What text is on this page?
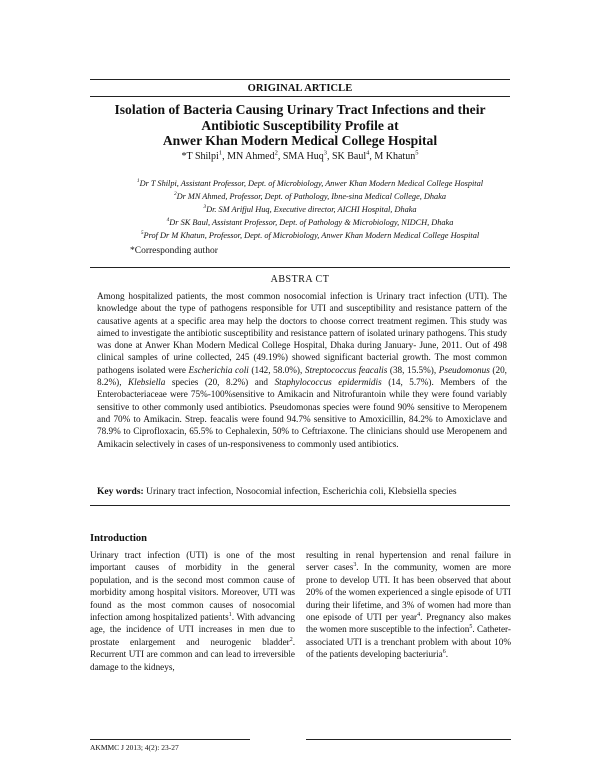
ORIGINAL ARTICLE
Isolation of Bacteria Causing Urinary Tract Infections and their
Antibiotic Susceptibility Profile at
Anwer Khan Modern Medical College Hospital
*T Shilpi$^1$, MN Ahmed$^2$, SMA Huq$^3$, SK Baul$^4$, M Khatun$^5$
$^1$Dr T Shilpi, Assistant Professor, Dept. of Microbiology, Anwer Khan Modern Medical College Hospital
$^2$Dr MN Ahmed, Professor, Dept. of Pathology, Ibne-sina Medical College, Dhaka
$^3$Dr. SM Arifjul Huq, Executive director, AICHI Hospital, Dhaka
$^4$Dr SK Baul, Assistant Professor, Dept. of Pathology & Microbiology, NIDCH, Dhaka
$^5$Prof Dr M Khatun, Professor, Dept. of Microbiology, Anwer Khan Modern Medical College Hospital
*Corresponding author
ABSTRA CT
Among hospitalized patients, the most common nosocomial infection is Urinary tract infection (UTI). The knowledge about the type of pathogens responsible for UTI and susceptibility and resistance pattern of the causative agents at a specific area may help the doctors to choose correct treatment regimen. This study was aimed to investigate the antibiotic susceptibility and resistance pattern of isolated urinary pathogens. This study was done at Anwer Khan Modern Medical College Hospital, Dhaka during January- June, 2011. Out of 498 clinical samples of urine collected, 245 (49.19%) showed significant bacterial growth. The most common pathogens isolated were Escherichia coli (142, 58.0%), Streptococcus feacalis (38, 15.5%), Pseudomonus (20, 8.2%), Klebsiella species (20, 8.2%) and Staphylococcus epidermidis (14, 5.7%). Members of the Enterobacteriaceae were 75%-100%sensitive to Amikacin and Nitrofurantoin while they were found variably sensitive to other commonly used antibiotics. Pseudomonas species were found 90% sensitive to Meropenem and 70% to Amikacin. Strep. feacalis were found 94.7% sensitive to Amoxicillin, 84.2% to Amoxiclave and 78.9% to Ciprofloxacin, 65.5% to Cephalexin, 50% to Ceftriaxone. The clinicians should use Meropenem and Amikacin selectively in cases of un-responsiveness to commonly used antibiotics.
Key words: Urinary tract infection, Nosocomial infection, Escherichia coli, Klebsiella species
Introduction
Urinary tract infection (UTI) is one of the most important causes of morbidity in the general population, and is the second most common cause of morbidity among hospital visitors. Moreover, UTI was found as the most common causes of nosocomial infection among hospitalized patients$^1$. With advancing age, the incidence of UTI increases in men due to prostate enlargement and neurogenic bladder$^2$. Recurrent UTI are common and can lead to irreversible damage to the kidneys,
resulting in renal hypertension and renal failure in server cases$^3$. In the community, women are more prone to develop UTI. It has been observed that about 20% of the women experienced a single episode of UTI during their lifetime, and 3% of women had more than one episode of UTI per year$^4$. Pregnancy also makes the women more susceptible to the infection$^5$. Catheter-associated UTI is a trenchant problem with about 10% of the patients developing bacteriuria$^6$.
AKMMC J 2013; 4(2): 23-27
